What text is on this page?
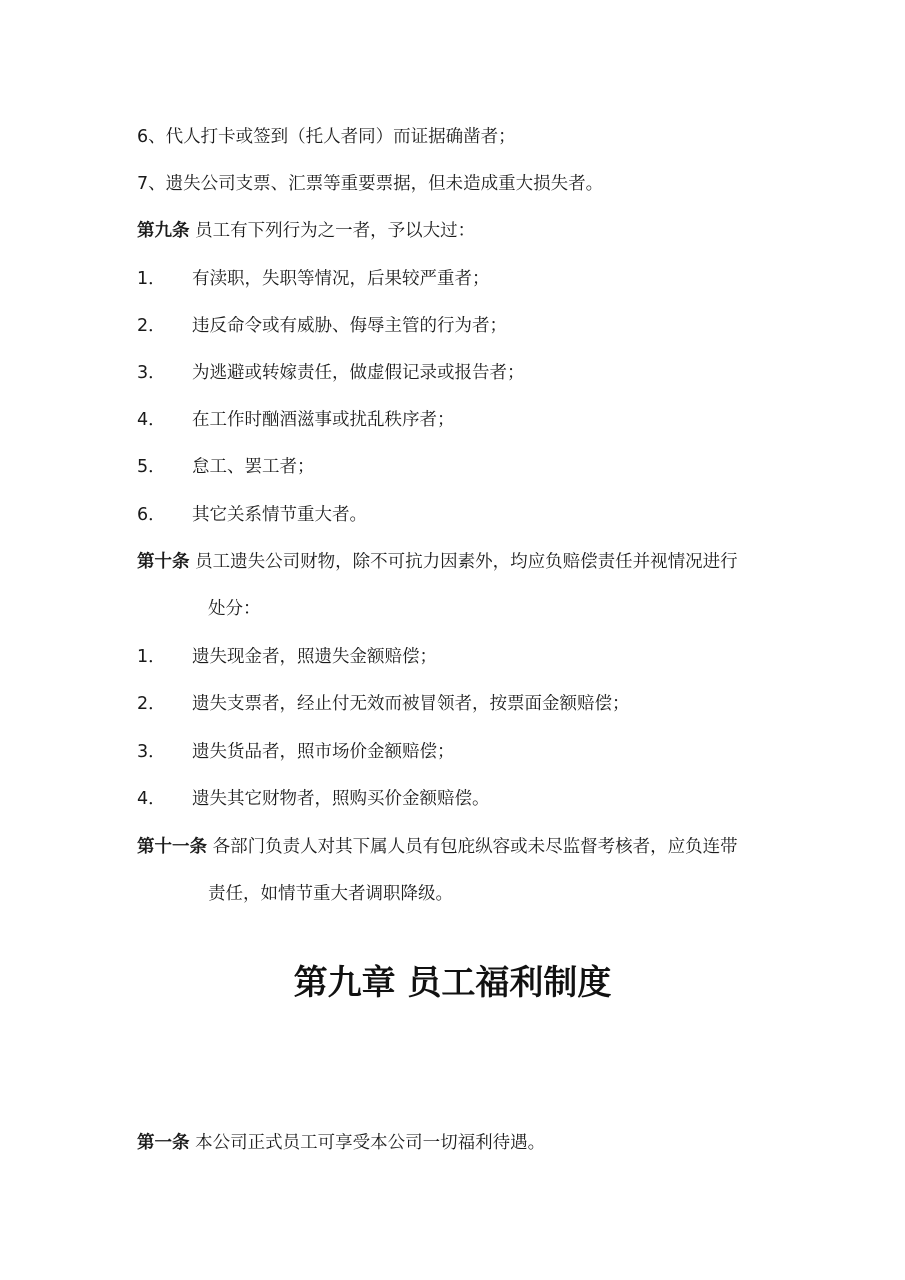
6、代人打卡或签到（托人者同）而证据确凿者；
7、遗失公司支票、汇票等重要票据，但未造成重大损失者。
第九条 员工有下列行为之一者，予以大过：
1． 有渎职，失职等情况，后果较严重者；
2． 违反命令或有威胁、侮辱主管的行为者；
3． 为逃避或转嫁责任，做虚假记录或报告者；
4． 在工作时酗酒滋事或扰乱秩序者；
5． 怠工、罢工者；
6． 其它关系情节重大者。
第十条 员工遗失公司财物，除不可抗力因素外，均应负赔偿责任并视情况进行
处分：
1． 遗失现金者，照遗失金额赔偿；
2． 遗失支票者，经止付无效而被冒领者，按票面金额赔偿；
3． 遗失货品者，照市场价金额赔偿；
4． 遗失其它财物者，照购买价金额赔偿。
第十一条 各部门负责人对其下属人员有包庇纵容或未尽监督考核者，应负连带
责任，如情节重大者调职降级。
第九章 员工福利制度
第一条 本公司正式员工可享受本公司一切福利待遇。
